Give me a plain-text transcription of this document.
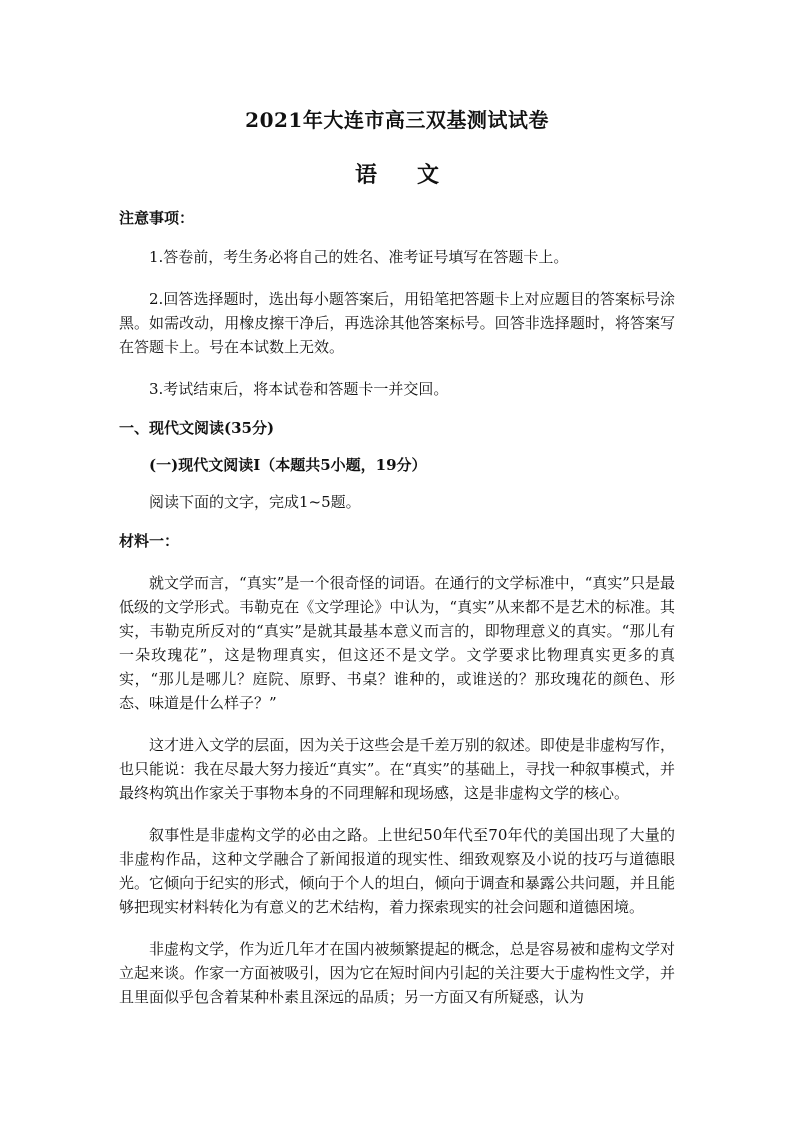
2021年大连市高三双基测试试卷
语文

注意事项：

1.答卷前，考生务必将自己的姓名、准考证号填写在答题卡上。

2.回答选择题时，选出每小题答案后，用铅笔把答题卡上对应题目的答案标号涂黑。如需改动，用橡皮擦干净后，再选涂其他答案标号。回答非选择题时，将答案写在答题卡上。号在本试数上无效。

3.考试结束后，将本试卷和答题卡一并交回。

一、现代文阅读(35分)

(一)现代文阅读Ⅰ（本题共5小题，19分）

阅读下面的文字，完成1~5题。

材料一：

就文学而言，“真实”是一个很奇怪的词语。在通行的文学标准中，“真实”只是最低级的文学形式。韦勒克在《文学理论》中认为，“真实”从来都不是艺术的标准。其实，韦勒克所反对的“真实”是就其最基本意义而言的，即物理意义的真实。“那儿有一朵玫瑰花”，这是物理真实，但这还不是文学。文学要求比物理真实更多的真实，“那儿是哪儿？庭院、原野、书桌？谁种的，或谁送的？那玫瑰花的颜色、形态、味道是什么样子？”

这才进入文学的层面，因为关于这些会是千差万别的叙述。即使是非虚构写作，也只能说：我在尽最大努力接近“真实”。在“真实”的基础上，寻找一种叙事模式，并最终构筑出作家关于事物本身的不同理解和现场感，这是非虚构文学的核心。

叙事性是非虚构文学的必由之路。上世纪50年代至70年代的美国出现了大量的非虚构作品，这种文学融合了新闻报道的现实性、细致观察及小说的技巧与道德眼光。它倾向于纪实的形式，倾向于个人的坦白，倾向于调查和暴露公共问题，并且能够把现实材料转化为有意义的艺术结构，着力探索现实的社会问题和道德困境。

非虚构文学，作为近几年才在国内被频繁提起的概念，总是容易被和虚构文学对立起来谈。作家一方面被吸引，因为它在短时间内引起的关注要大于虚构性文学，并且里面似乎包含着某种朴素且深远的品质；另一方面又有所疑惑，认为
